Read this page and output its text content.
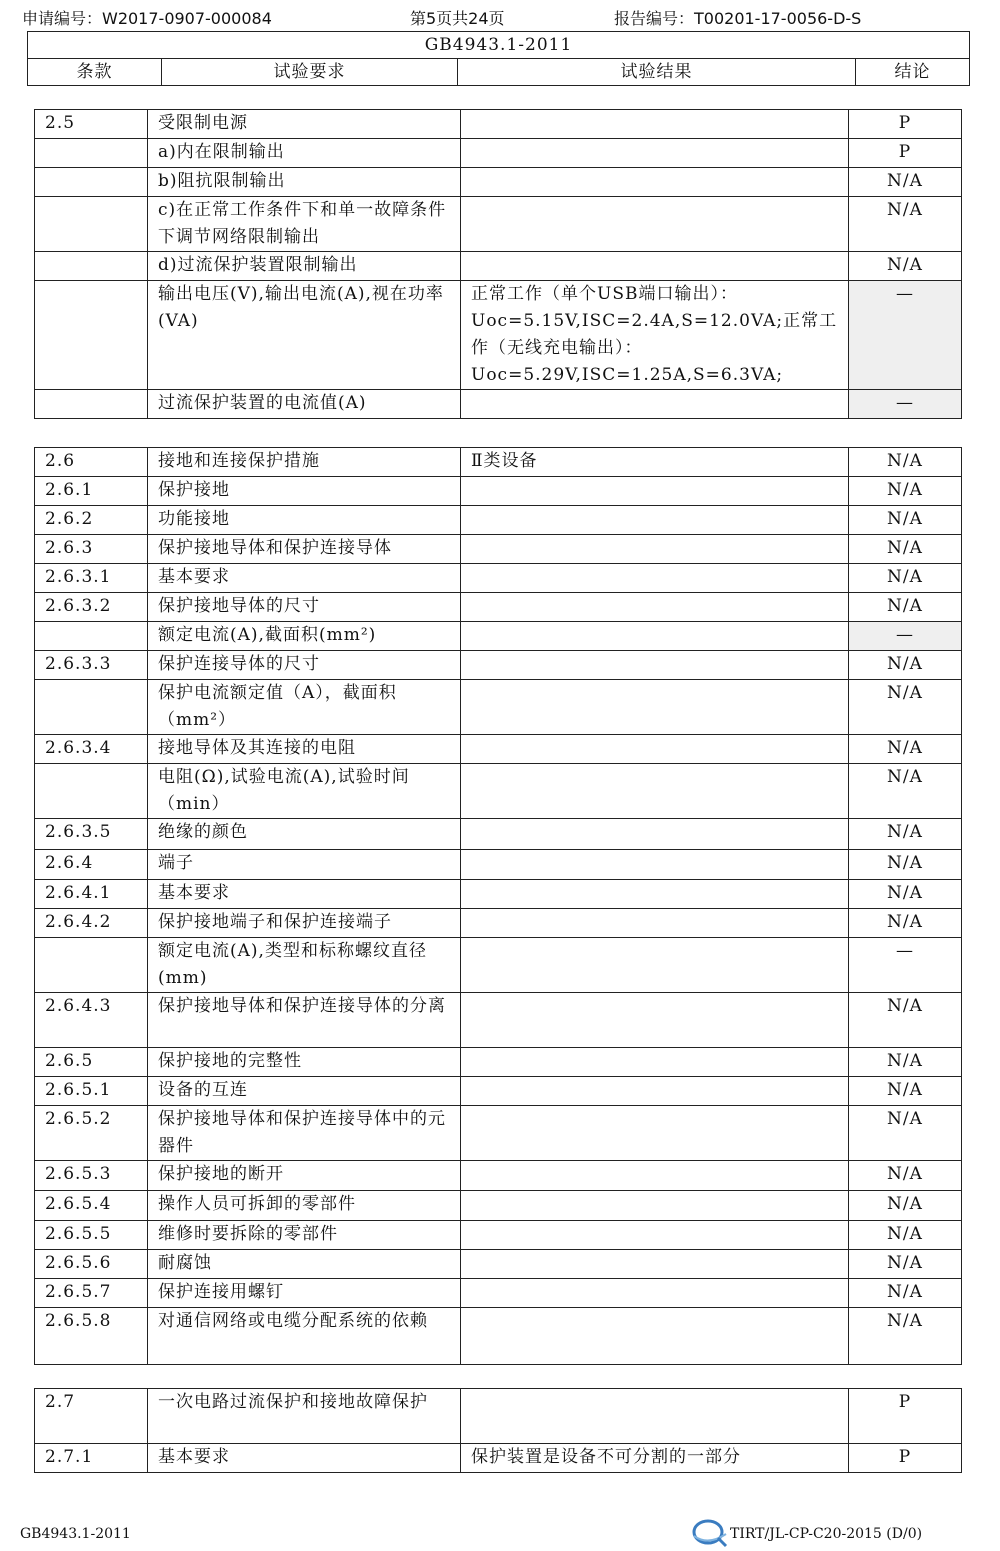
申请编号：W2017-0907-000084	第5页共24页	报告编号：T00201-17-0056-D-S
GB4943.1-2011
条款	试验要求	试验结果	结论
2.5	受限制电源		P
	a)内在限制输出		P
	b)阻抗限制输出		N/A
	c)在正常工作条件下和单一故障条件下调节网络限制输出		N/A
	d)过流保护装置限制输出		N/A
	输出电压(V),输出电流(A),视在功率(VA)	正常工作（单个USB端口输出）：Uoc=5.15V,ISC=2.4A,S=12.0VA;正常工作（无线充电输出）：Uoc=5.29V,ISC=1.25A,S=6.3VA;	—
	过流保护装置的电流值(A)		—
2.6	接地和连接保护措施	Ⅱ类设备	N/A
2.6.1	保护接地		N/A
2.6.2	功能接地		N/A
2.6.3	保护接地导体和保护连接导体		N/A
2.6.3.1	基本要求		N/A
2.6.3.2	保护接地导体的尺寸		N/A
	额定电流(A),截面积(mm²)		—
2.6.3.3	保护连接导体的尺寸		N/A
	保护电流额定值（A），截面积（mm²）		N/A
2.6.3.4	接地导体及其连接的电阻		N/A
	电阻(Ω),试验电流(A),试验时间（min）		N/A
2.6.3.5	绝缘的颜色		N/A
2.6.4	端子		N/A
2.6.4.1	基本要求		N/A
2.6.4.2	保护接地端子和保护连接端子		N/A
	额定电流(A),类型和标称螺纹直径(mm)		—
2.6.4.3	保护接地导体和保护连接导体的分离		N/A
2.6.5	保护接地的完整性		N/A
2.6.5.1	设备的互连		N/A
2.6.5.2	保护接地导体和保护连接导体中的元器件		N/A
2.6.5.3	保护接地的断开		N/A
2.6.5.4	操作人员可拆卸的零部件		N/A
2.6.5.5	维修时要拆除的零部件		N/A
2.6.5.6	耐腐蚀		N/A
2.6.5.7	保护连接用螺钉		N/A
2.6.5.8	对通信网络或电缆分配系统的依赖		N/A
2.7	一次电路过流保护和接地故障保护		P
2.7.1	基本要求	保护装置是设备不可分割的一部分	P
GB4943.1-2011	TIRT/JL-CP-C20-2015 (D/0)
